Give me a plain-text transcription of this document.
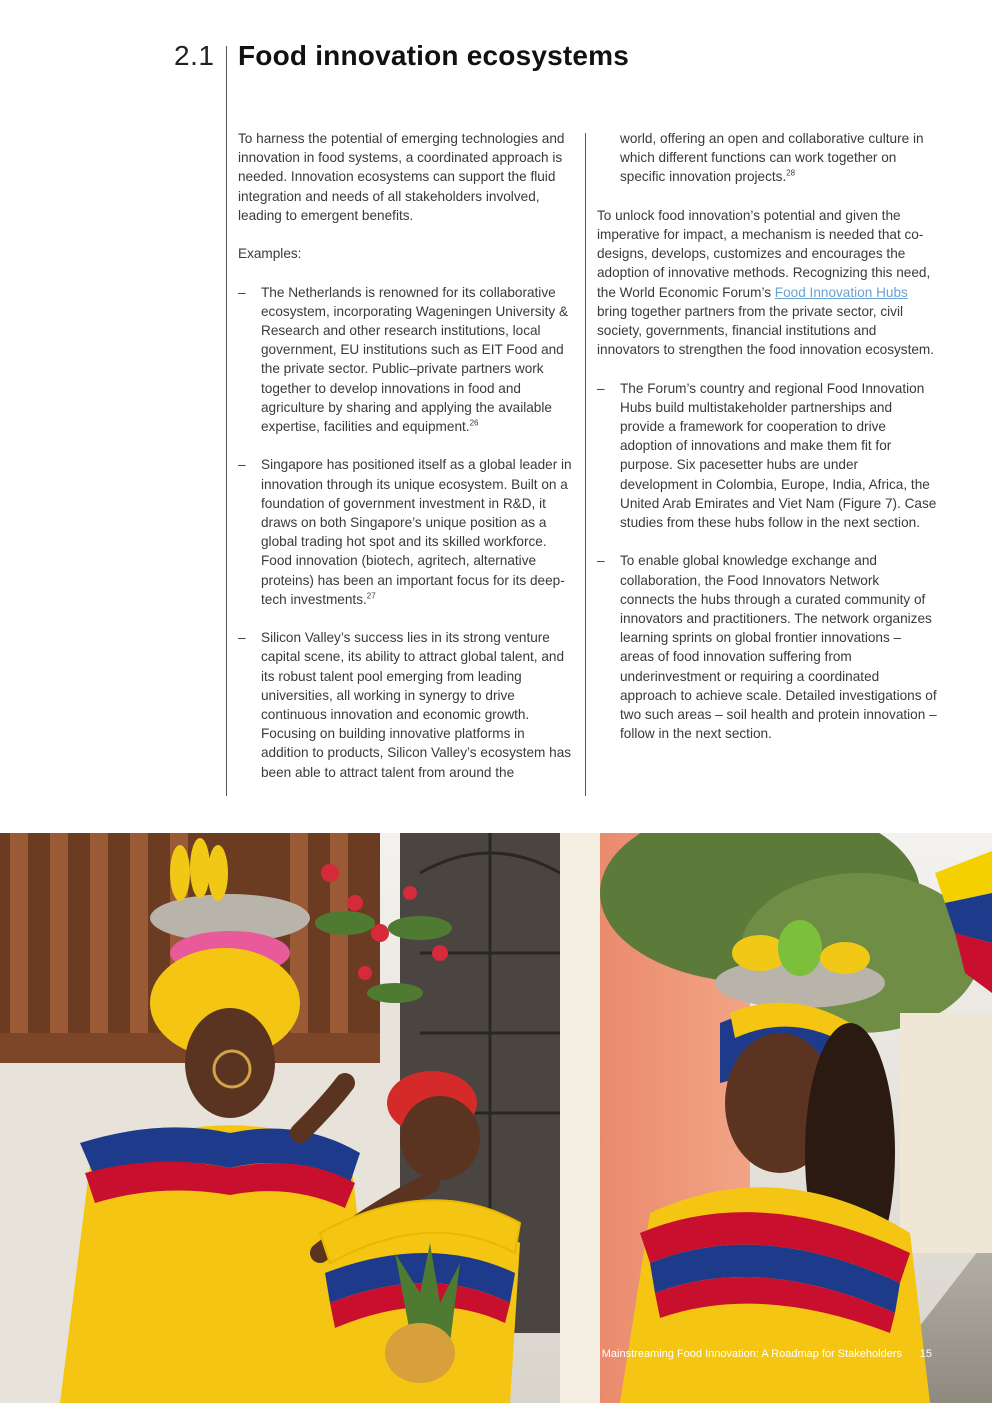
2.1 Food innovation ecosystems

To harness the potential of emerging technologies and innovation in food systems, a coordinated approach is needed. Innovation ecosystems can support the fluid integration and needs of all stakeholders involved, leading to emergent benefits.

Examples:

– The Netherlands is renowned for its collaborative ecosystem, incorporating Wageningen University & Research and other research institutions, local government, EU institutions such as EIT Food and the private sector. Public–private partners work together to develop innovations in food and agriculture by sharing and applying the available expertise, facilities and equipment.$^{26}$
– Singapore has positioned itself as a global leader in innovation through its unique ecosystem. Built on a foundation of government investment in R&D, it draws on both Singapore’s unique position as a global trading hot spot and its skilled workforce. Food innovation (biotech, agritech, alternative proteins) has been an important focus for its deep-tech investments.$^{27}$
– Silicon Valley’s success lies in its strong venture capital scene, its ability to attract global talent, and its robust talent pool emerging from leading universities, all working in synergy to drive continuous innovation and economic growth. Focusing on building innovative platforms in addition to products, Silicon Valley’s ecosystem has been able to attract talent from around the

world, offering an open and collaborative culture in which different functions can work together on specific innovation projects.$^{28}$

To unlock food innovation’s potential and given the imperative for impact, a mechanism is needed that co-designs, develops, customizes and encourages the adoption of innovative methods. Recognizing this need, the World Economic Forum’s Food Innovation Hubs bring together partners from the private sector, civil society, governments, financial institutions and innovators to strengthen the food innovation ecosystem.

– The Forum’s country and regional Food Innovation Hubs build multistakeholder partnerships and provide a framework for cooperation to drive adoption of innovations and make them fit for purpose. Six pacesetter hubs are under development in Colombia, Europe, India, Africa, the United Arab Emirates and Viet Nam (Figure 7). Case studies from these hubs follow in the next section.
– To enable global knowledge exchange and collaboration, the Food Innovators Network connects the hubs through a curated community of innovators and practitioners. The network organizes learning sprints on global frontier innovations – areas of food innovation suffering from underinvestment or requiring a coordinated approach to achieve scale. Detailed investigations of two such areas – soil health and protein innovation – follow in the next section.
Mainstreaming Food Innovation: A Roadmap for Stakeholders 15
